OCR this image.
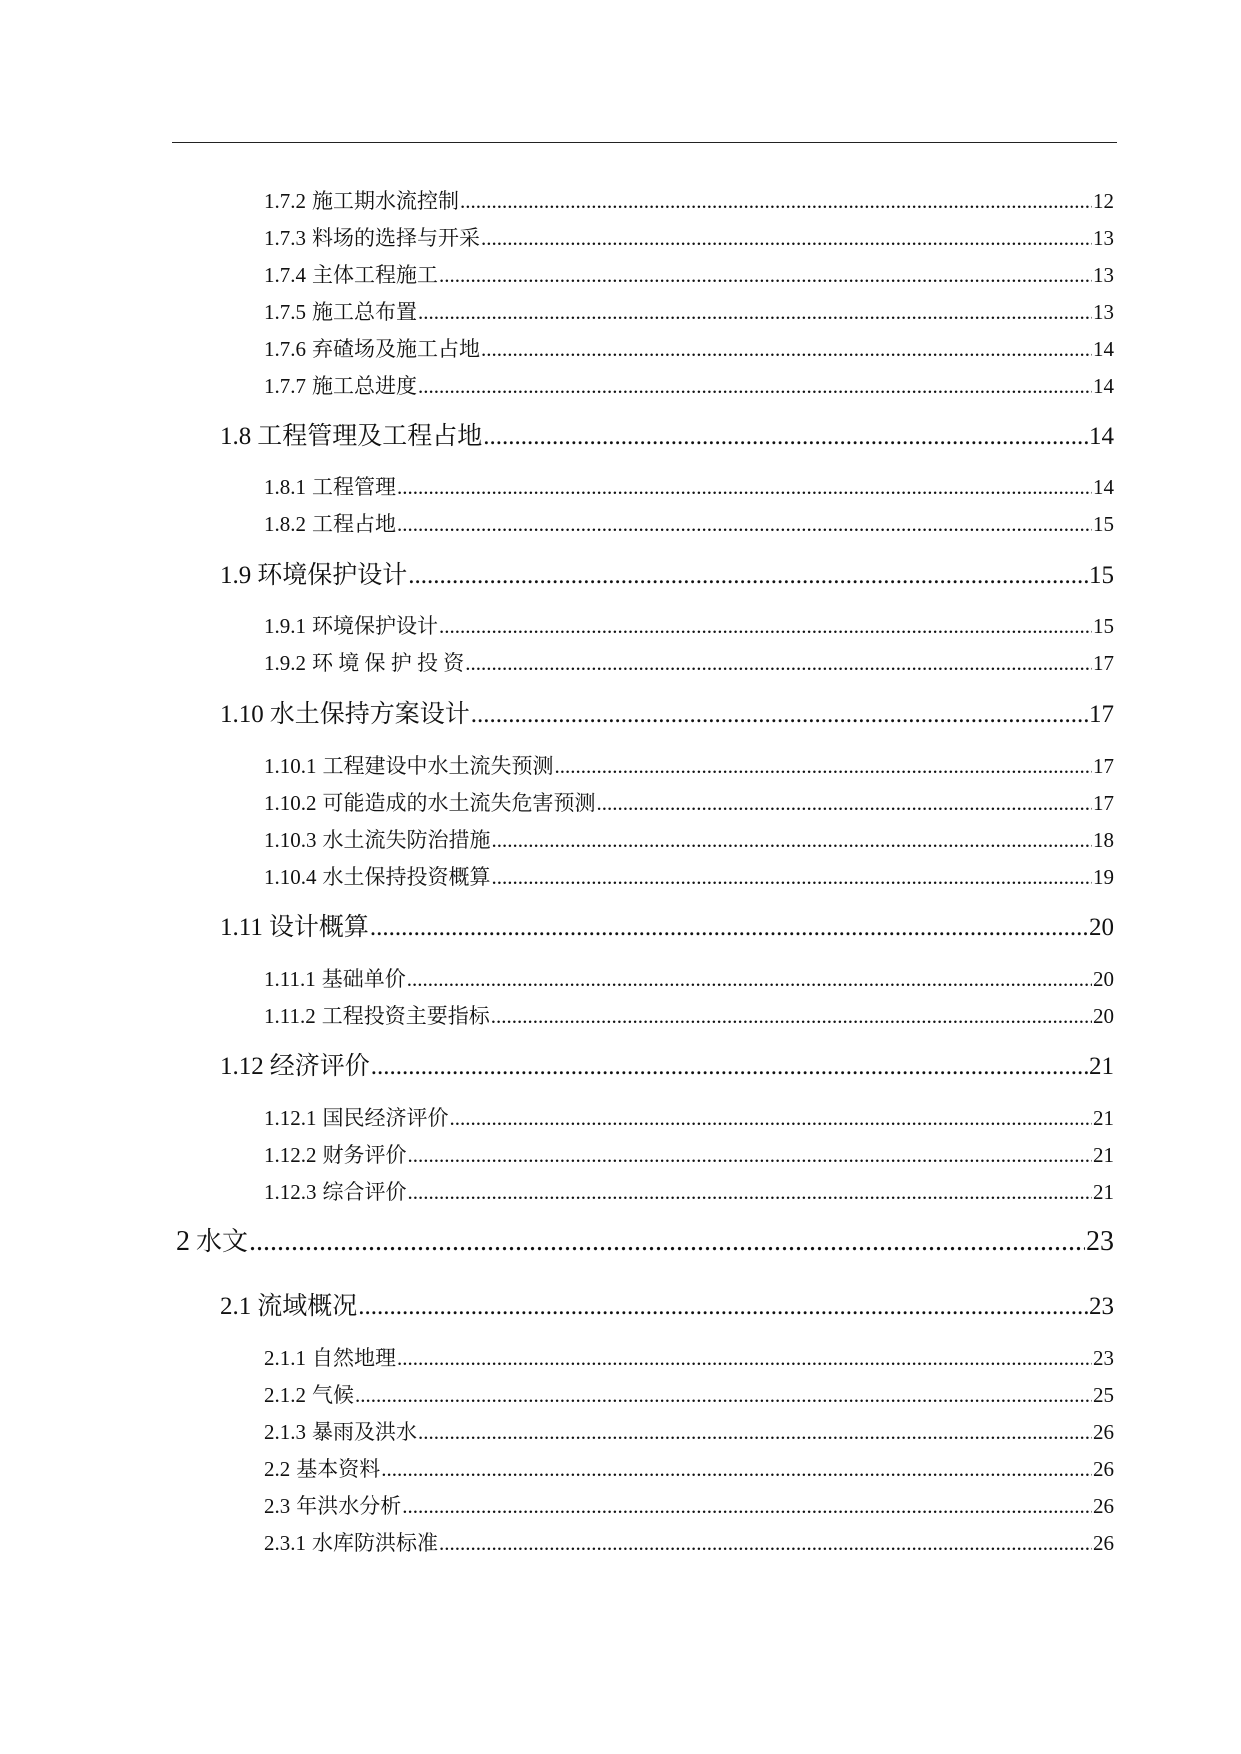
1.7.2 施工期水流控制 .....	12
1.7.3 料场的选择与开采 .....	13
1.7.4 主体工程施工 .....	13
1.7.5 施工总布置 .....	13
1.7.6 弃碴场及施工占地 .....	14
1.7.7 施工总进度 .....	14
1.8 工程管理及工程占地 .....	14
1.8.1 工程管理 .....	14
1.8.2 工程占地 .....	15
1.9 环境保护设计 .....	15
1.9.1 环境保护设计 .....	15
1.9.2 环 境 保 护 投 资 .....	17
1.10 水土保持方案设计 .....	17
1.10.1 工程建设中水土流失预测 .....	17
1.10.2 可能造成的水土流失危害预测 .....	17
1.10.3 水土流失防治措施 .....	18
1.10.4 水土保持投资概算 .....	19
1.11 设计概算 .....	20
1.11.1 基础单价 .....	20
1.11.2 工程投资主要指标 .....	20
1.12 经济评价 .....	21
1.12.1 国民经济评价 .....	21
1.12.2 财务评价 .....	21
1.12.3 综合评价 .....	21
2 水文 .....	23
2.1 流域概况 .....	23
2.1.1 自然地理 .....	23
2.1.2 气候 .....	25
2.1.3 暴雨及洪水 .....	26
2.2 基本资料 .....	26
2.3 年洪水分析 .....	26
2.3.1 水库防洪标准 .....	26
